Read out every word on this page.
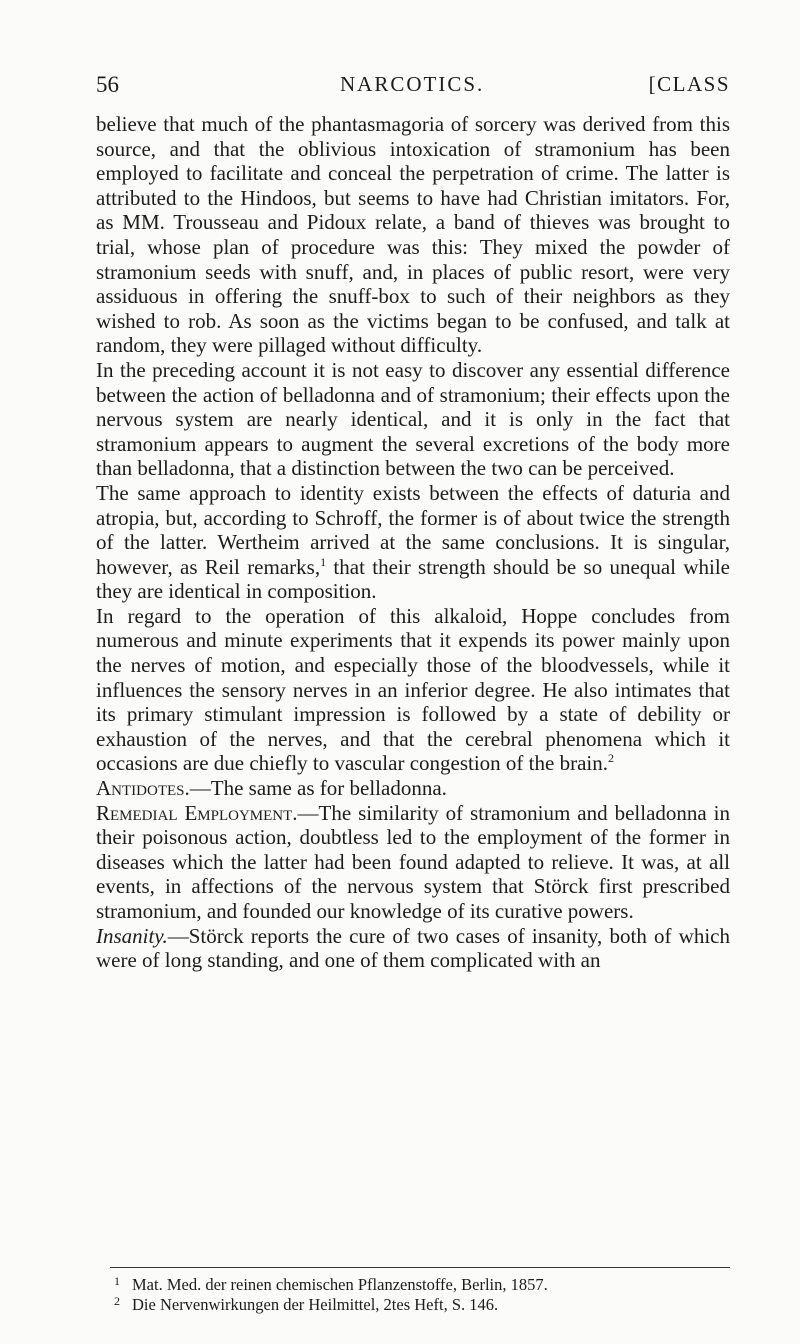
56	NARCOTICS.	[CLASS

believe that much of the phantasmagoria of sorcery was derived from this source, and that the oblivious intoxication of stramonium has been employed to facilitate and conceal the perpetration of crime. The latter is attributed to the Hindoos, but seems to have had Christian imitators. For, as MM. Trousseau and Pidoux relate, a band of thieves was brought to trial, whose plan of procedure was this: They mixed the powder of stramonium seeds with snuff, and, in places of public resort, were very assiduous in offering the snuff-box to such of their neighbors as they wished to rob. As soon as the victims began to be confused, and talk at random, they were pillaged without difficulty.

In the preceding account it is not easy to discover any essential difference between the action of belladonna and of stramonium; their effects upon the nervous system are nearly identical, and it is only in the fact that stramonium appears to augment the several excretions of the body more than belladonna, that a distinction between the two can be perceived.

The same approach to identity exists between the effects of daturia and atropia, but, according to Schroff, the former is of about twice the strength of the latter. Wertheim arrived at the same conclusions. It is singular, however, as Reil remarks,$^1$ that their strength should be so unequal while they are identical in composition.

In regard to the operation of this alkaloid, Hoppe concludes from numerous and minute experiments that it expends its power mainly upon the nerves of motion, and especially those of the bloodvessels, while it influences the sensory nerves in an inferior degree. He also intimates that its primary stimulant impression is followed by a state of debility or exhaustion of the nerves, and that the cerebral phenomena which it occasions are due chiefly to vascular congestion of the brain.$^2$

Antidotes.—The same as for belladonna.

Remedial Employment.—The similarity of stramonium and belladonna in their poisonous action, doubtless led to the employment of the former in diseases which the latter had been found adapted to relieve. It was, at all events, in affections of the nervous system that Störck first prescribed stramonium, and founded our knowledge of its curative powers.

Insanity.—Störck reports the cure of two cases of insanity, both of which were of long standing, and one of them complicated with an

1 Mat. Med. der reinen chemischen Pflanzenstoffe, Berlin, 1857.

2 Die Nervenwirkungen der Heilmittel, 2tes Heft, S. 146.
